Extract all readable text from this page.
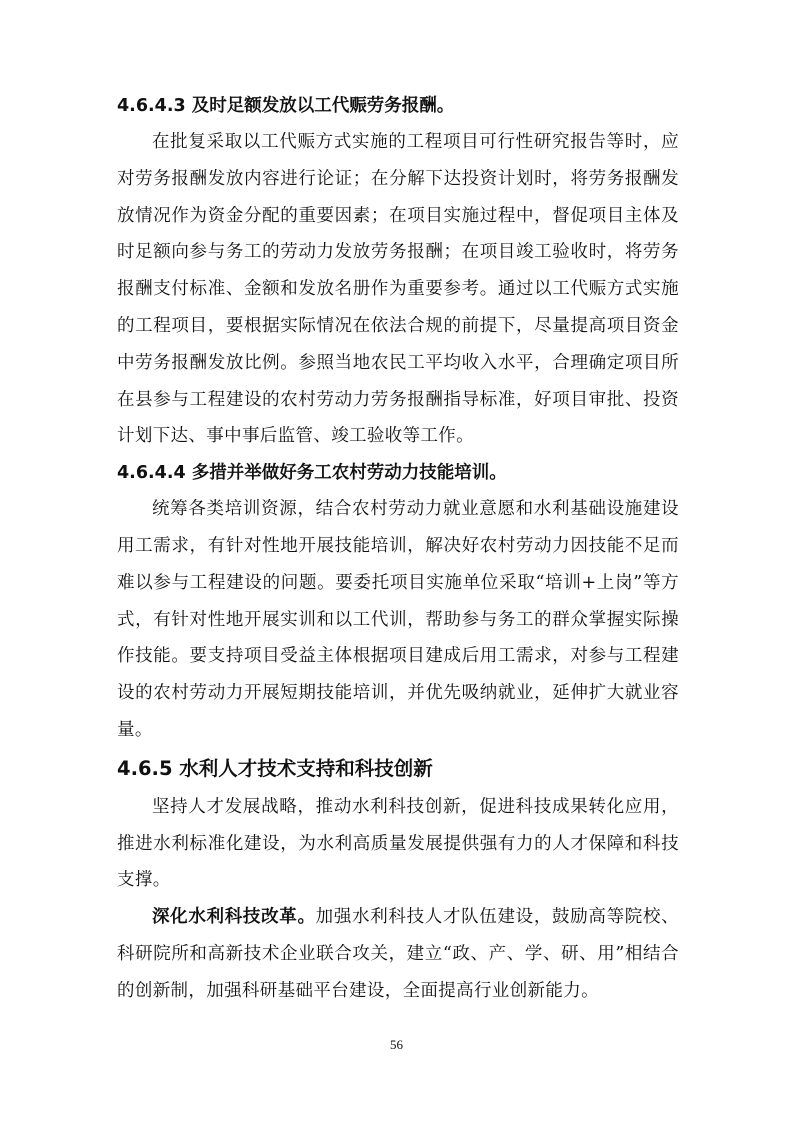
4.6.4.3 及时足额发放以工代赈劳务报酬。

在批复采取以工代赈方式实施的工程项目可行性研究报告等时，应对劳务报酬发放内容进行论证；在分解下达投资计划时，将劳务报酬发放情况作为资金分配的重要因素；在项目实施过程中，督促项目主体及时足额向参与务工的劳动力发放劳务报酬；在项目竣工验收时，将劳务报酬支付标准、金额和发放名册作为重要参考。通过以工代赈方式实施的工程项目，要根据实际情况在依法合规的前提下，尽量提高项目资金中劳务报酬发放比例。参照当地农民工平均收入水平，合理确定项目所在县参与工程建设的农村劳动力劳务报酬指导标准，好项目审批、投资计划下达、事中事后监管、竣工验收等工作。

4.6.4.4 多措并举做好务工农村劳动力技能培训。

统筹各类培训资源，结合农村劳动力就业意愿和水利基础设施建设用工需求，有针对性地开展技能培训，解决好农村劳动力因技能不足而难以参与工程建设的问题。要委托项目实施单位采取“培训+上岗”等方式，有针对性地开展实训和以工代训，帮助参与务工的群众掌握实际操作技能。要支持项目受益主体根据项目建成后用工需求，对参与工程建设的农村劳动力开展短期技能培训，并优先吸纳就业，延伸扩大就业容量。

4.6.5 水利人才技术支持和科技创新

坚持人才发展战略，推动水利科技创新，促进科技成果转化应用，推进水利标准化建设，为水利高质量发展提供强有力的人才保障和科技支撑。

深化水利科技改革。加强水利科技人才队伍建设，鼓励高等院校、科研院所和高新技术企业联合攻关，建立“政、产、学、研、用”相结合的创新制，加强科研基础平台建设，全面提高行业创新能力。

56
